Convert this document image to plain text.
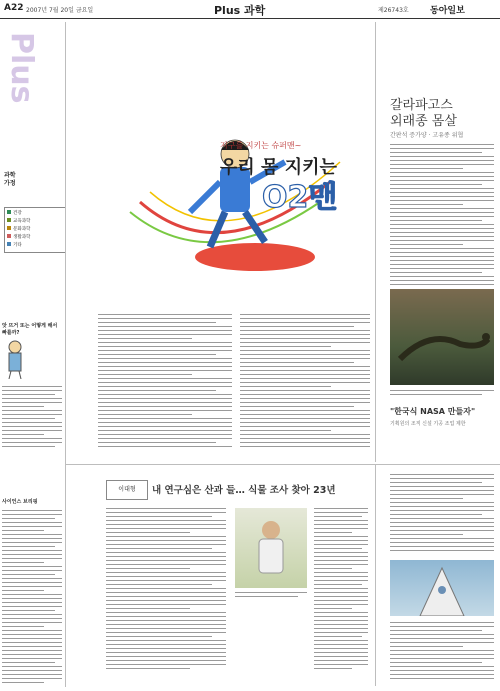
A22 2007년 7월 20일 금요일	Plus 과학	제26743호 동아일보
Plus
과학
가정
건강
교육과학
문화과학
생활과학
기타
앗 뜨거 또는 어떻게 해서 빠를까?
사이언스 브리핑
지구를 지키는 슈퍼맨~
우리 몸 지키는
O2맨
갈라파고스
외래종 몸살
간판석 증가양 · 고유종 위협
"한국식 NASA 만들자"
기획원의 조직 신설 기공 조업 제한
이대형	내 연구심은 산과 들… 식물 조사 찾아 23년
